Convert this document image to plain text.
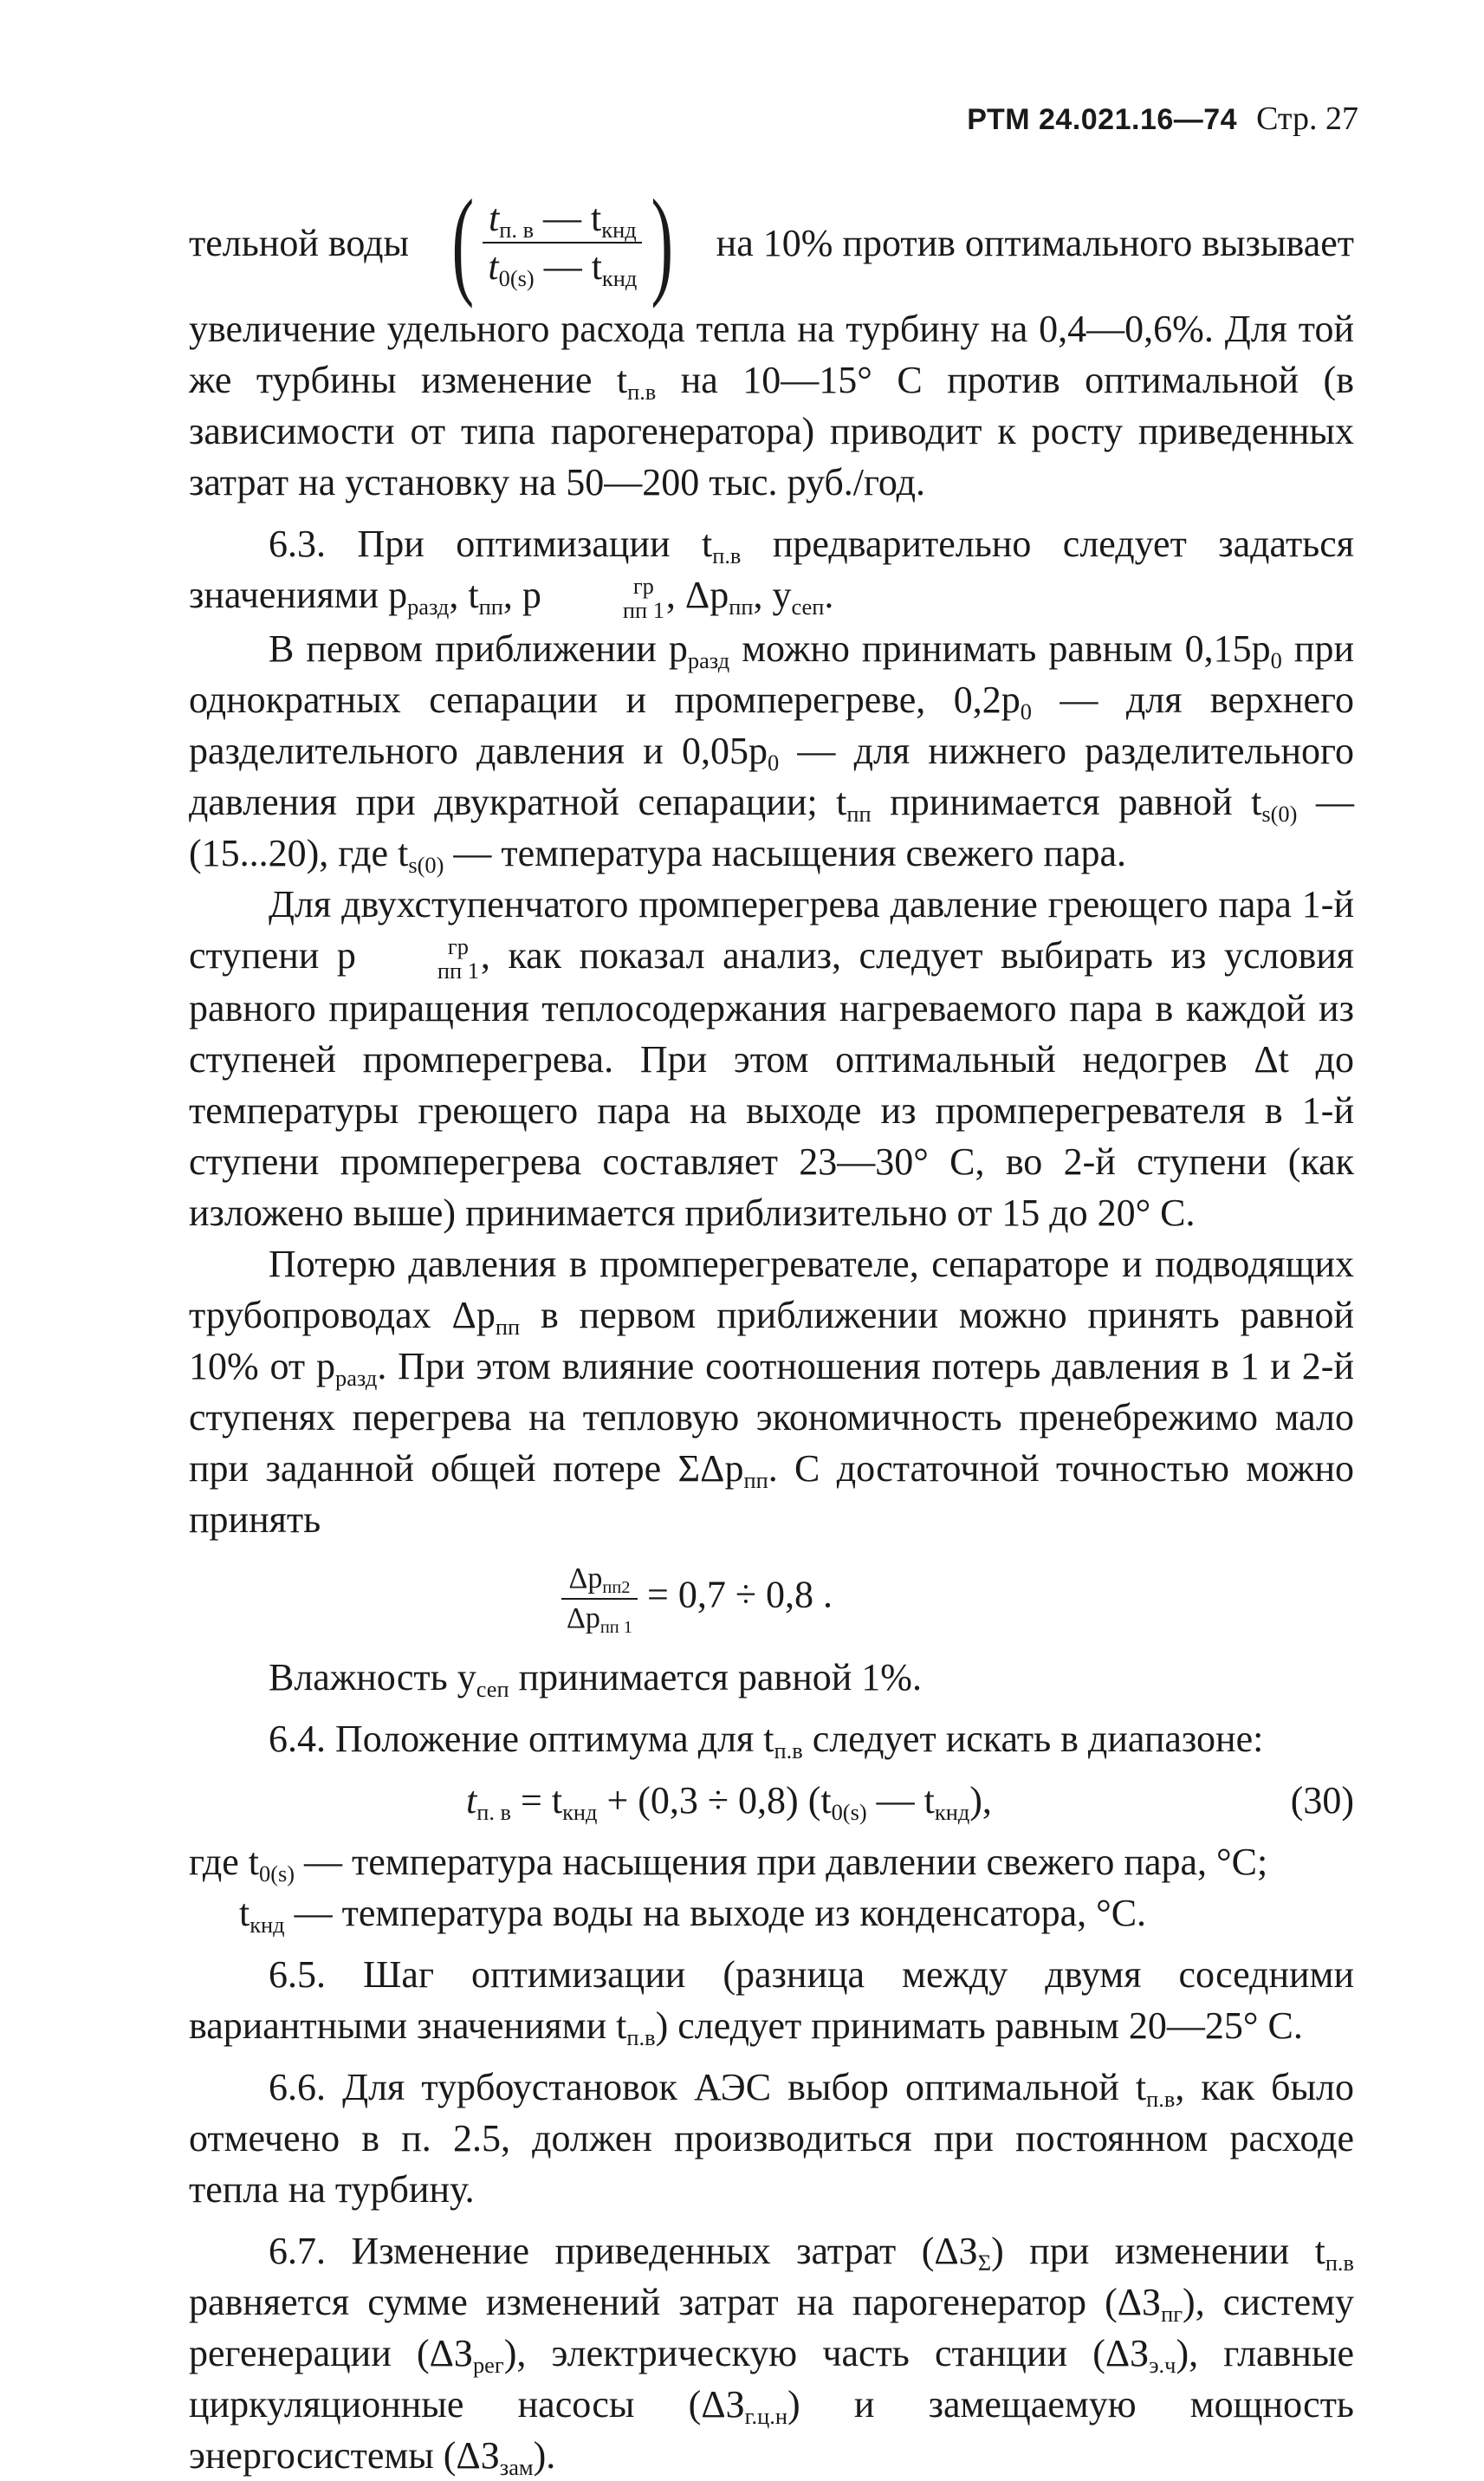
РТМ 24.021.16—74 Стр. 27
тельной воды ( $\frac{t_{п. в} — t_{кнд}}{t_{0(s)} — t_{кнд}}$ ) на 10% против оптимального вызывает

увеличение удельного расхода тепла на турбину на 0,4—0,6%. Для той же турбины изменение $t_{п.в}$ на 10—15° С против оптимальной (в зависимости от типа парогенератора) приводит к росту приведенных затрат на установку на 50—200 тыс. руб./год.

6.3. При оптимизации $t_{п.в}$ предварительно следует задаться значениями $p_{разд}$, $t_{пп}$, p	гр
пп 1 , $\Delta p_{пп}$, $y_{сеп}$.

В первом приближении $p_{разд}$ можно принимать равным $0,15p_0$ при однократных сепарации и промперегреве, $0,2p_0$ — для верхнего разделительного давления и $0,05p_0$ — для нижнего разделительного давления при двукратной сепарации; $t_{пп}$ принимается равной $t_{s(0)}$ — (15...20), где $t_{s(0)}$ — температура насыщения свежего пара.

Для двухступенчатого промперегрева давление греющего пара 1-й ступени p	гр
пп 1 , как показал анализ, следует выбирать из условия равного приращения теплосодержания нагреваемого пара в каждой из ступеней промперегрева. При этом оптимальный недогрев Δt до температуры греющего пара на выходе из промперегревателя в 1-й ступени промперегрева составляет 23—30° С, во 2-й ступени (как изложено выше) принимается приблизительно от 15 до 20° С.

Потерю давления в промперегревателе, сепараторе и подводящих трубопроводах $\Delta p_{пп}$ в первом приближении можно принять равной 10% от $p_{разд}$. При этом влияние соотношения потерь давления в 1 и 2-й ступенях перегрева на тепловую экономичность пренебрежимо мало при заданной общей потере ΣΔp$_{пп}$. С достаточной точностью можно принять

$\frac{\Delta p_{пп2}}{\Delta p_{пп 1}} = 0,7 \div 0,8$ .

Влажность $y_{сеп}$ принимается равной 1%.

6.4. Положение оптимума для $t_{п.в}$ следует искать в диапазоне:

$t_{п. в} = t_{кнд} + (0,3 \div 0,8)$ ($t_{0(s)}$ — $t_{кнд}$),	(30)

где $t_{0(s)}$ — температура насыщения при давлении свежего пара, °С;

$t_{кнд}$ — температура воды на выходе из конденсатора, °С.

6.5. Шаг оптимизации (разница между двумя соседними вариантными значениями $t_{п.в}$) следует принимать равным 20—25° С.

6.6. Для турбоустановок АЭС выбор оптимальной $t_{п.в}$, как было отмечено в п. 2.5, должен производиться при постоянном расходе тепла на турбину.

6.7. Изменение приведенных затрат $(\Delta З_\Sigma)$ при изменении $t_{п.в}$ равняется сумме изменений затрат на парогенератор $(\Delta З_{пг})$, систему регенерации $(\Delta З_{рег})$, электрическую часть станции $(\Delta З_{э.ч})$, главные циркуляционные насосы $(\Delta З_{г.ц.н})$ и замещаемую мощность энергосистемы $(\Delta З_{зам})$.
